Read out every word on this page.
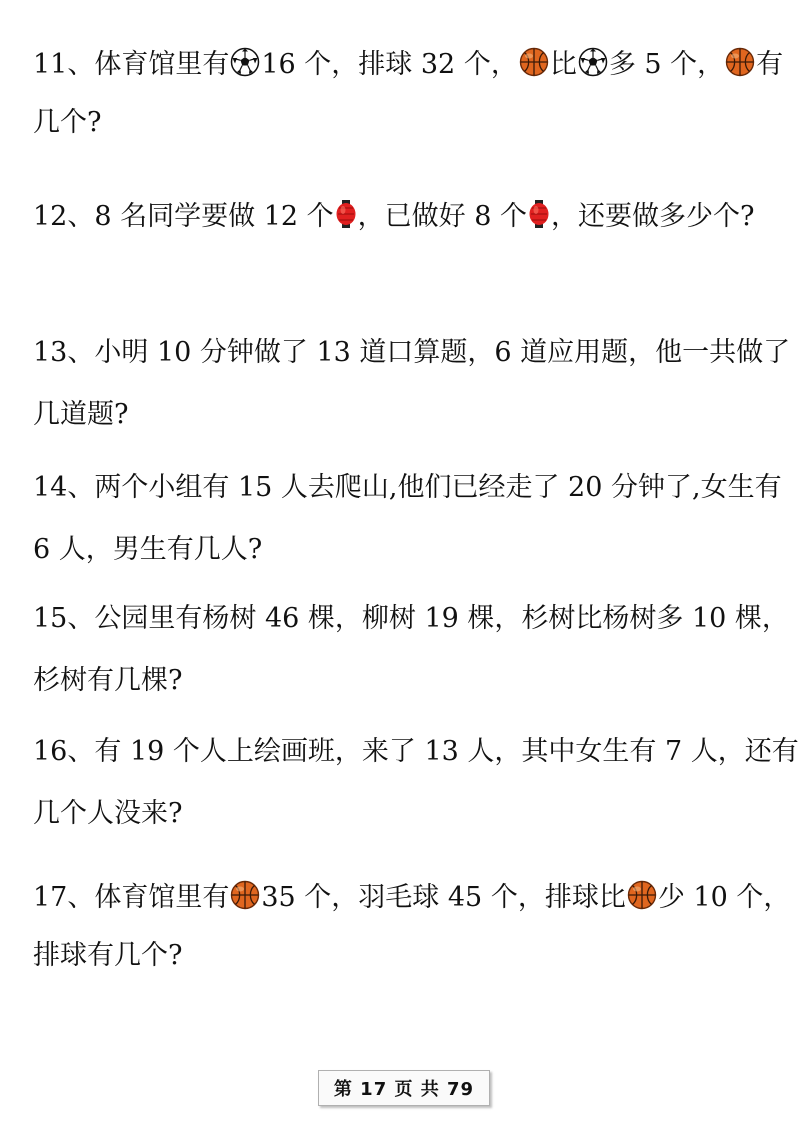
11、体育馆里有 16 个，排球 32 个， 比 多 5 个， 有
几个?
12、8 名同学要做 12 个 ，已做好 8 个 ，还要做多少个?
13、小明 10 分钟做了 13 道口算题，6 道应用题，他一共做了
几道题?
14、两个小组有 15 人去爬山,他们已经走了 20 分钟了,女生有
6 人，男生有几人?
15、公园里有杨树 46 棵，柳树 19 棵，杉树比杨树多 10 棵，
杉树有几棵?
16、有 19 个人上绘画班，来了 13 人，其中女生有 7 人，还有
几个人没来?
17、体育馆里有 35 个，羽毛球 45 个，排球比 少 10 个，
排球有几个?
第 17 页 共 79
